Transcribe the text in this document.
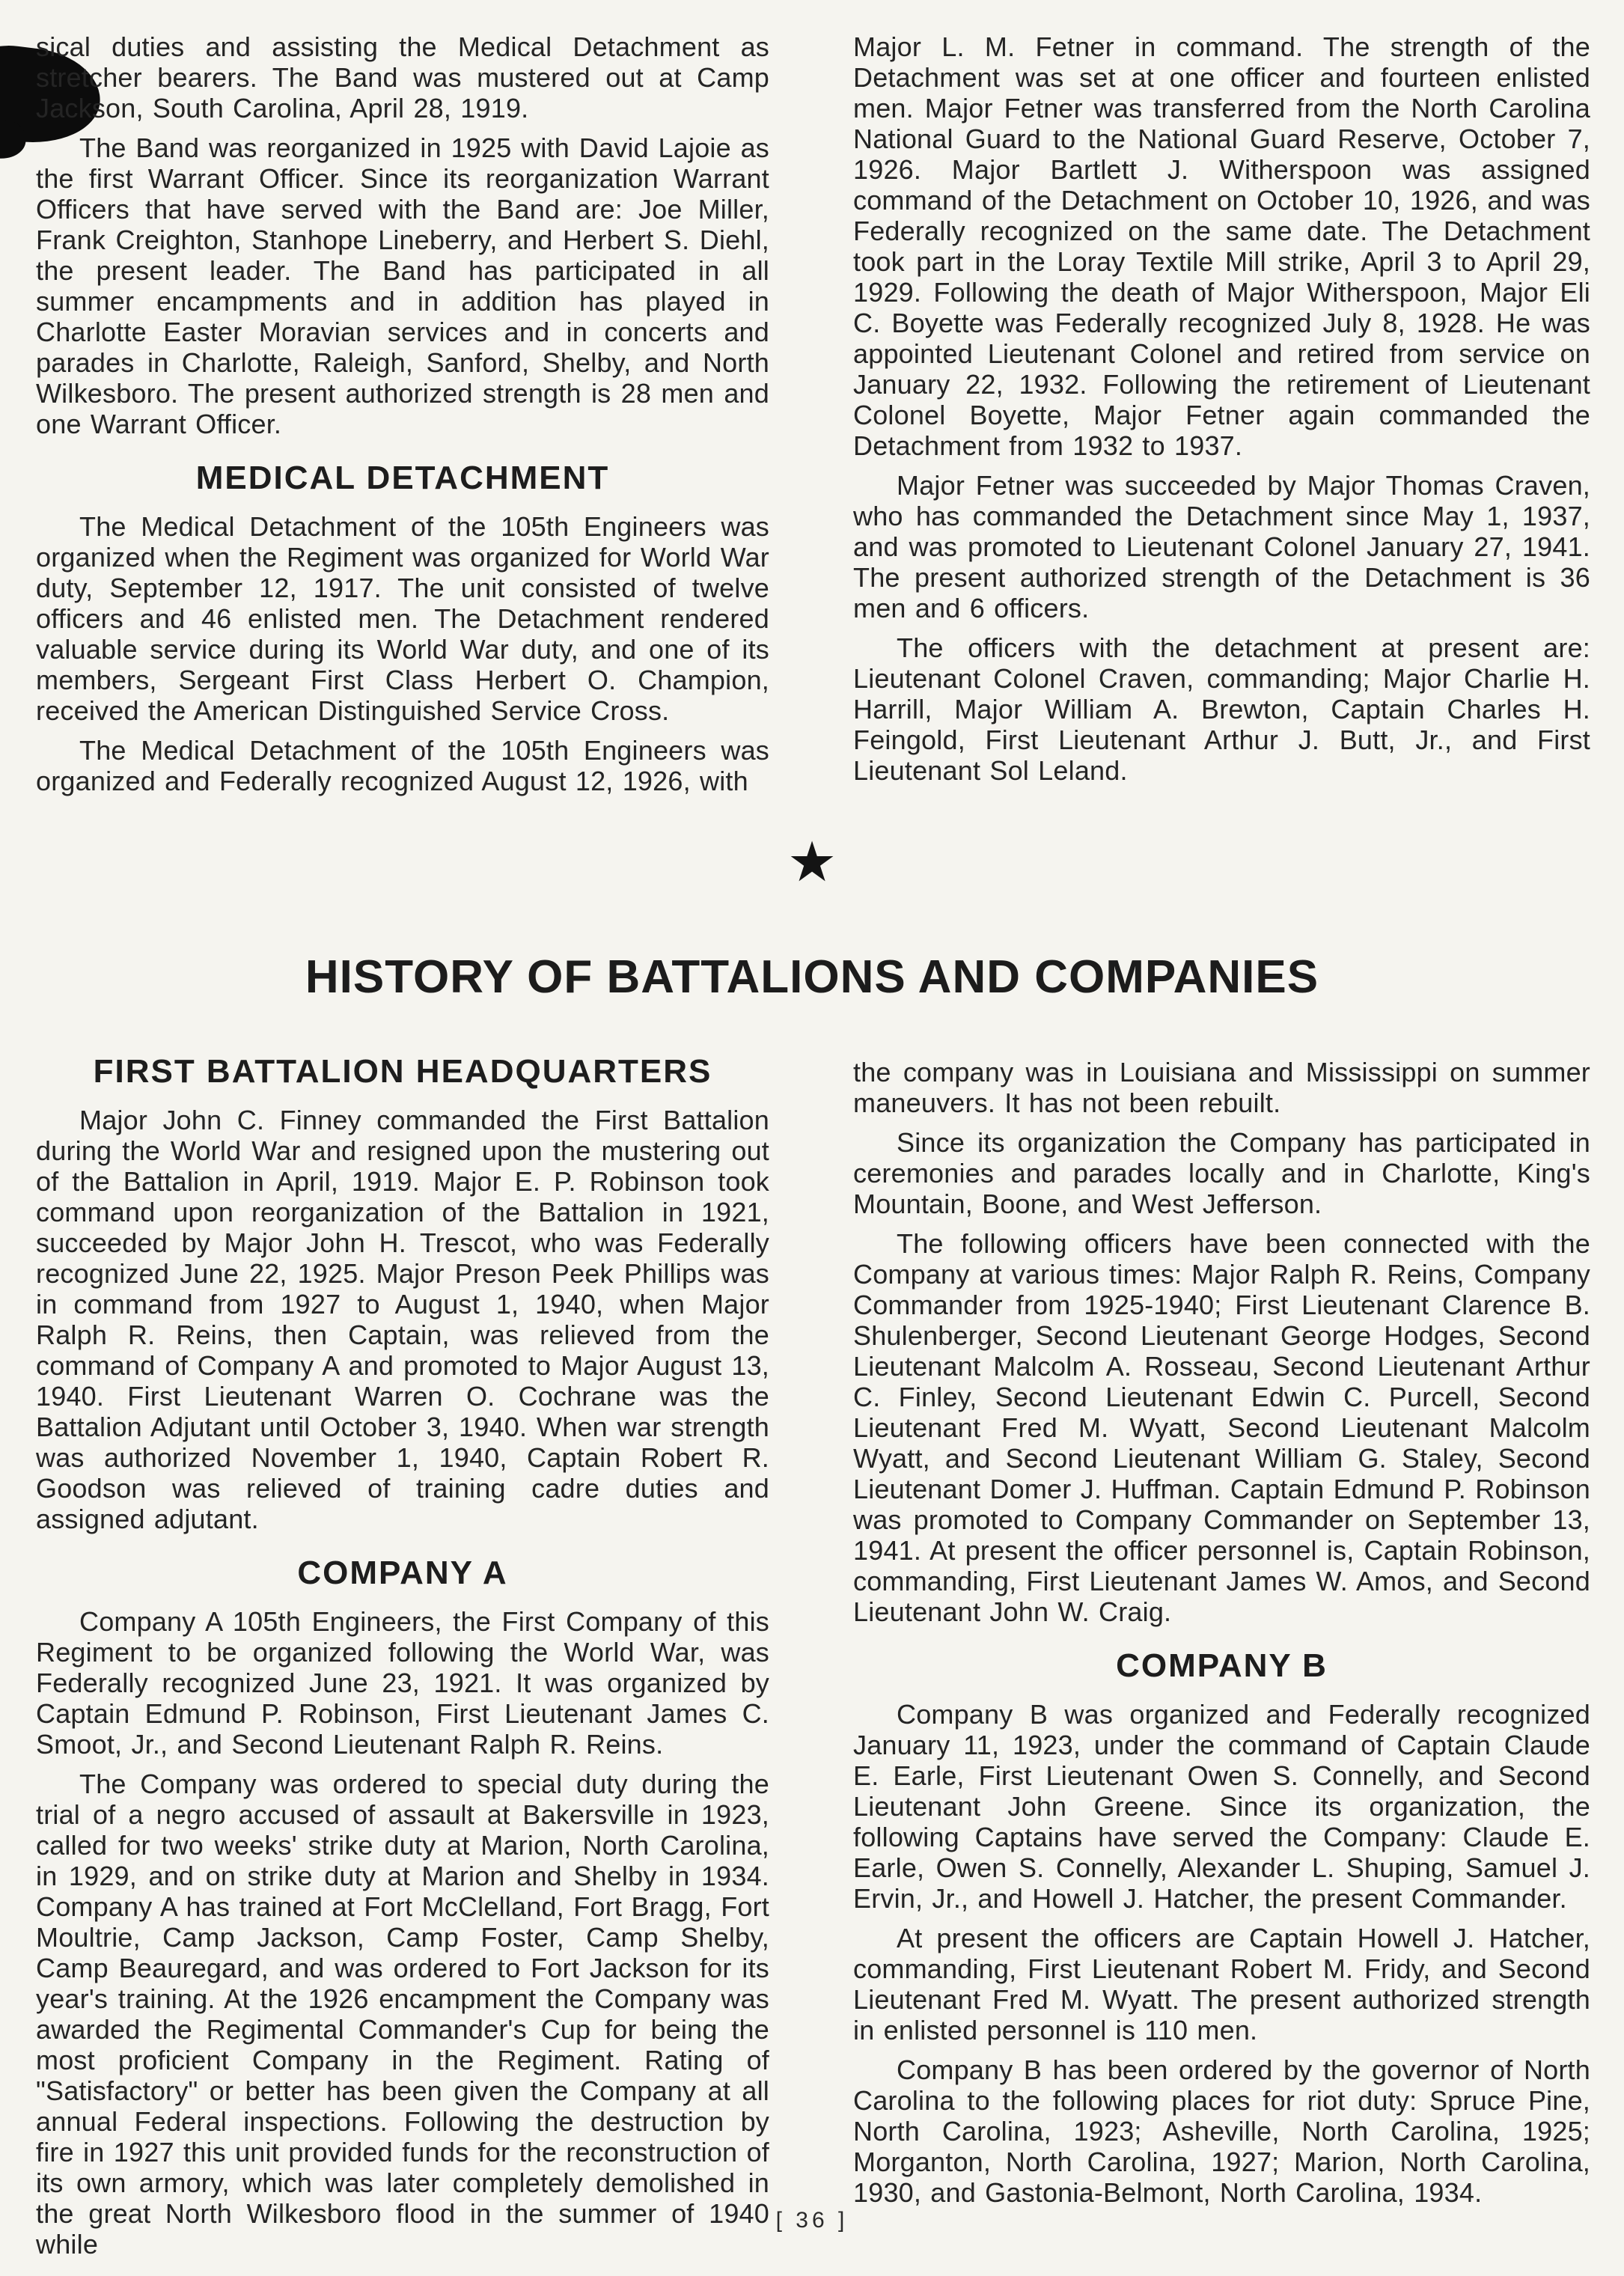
sical duties and assisting the Medical Detachment as stretcher bearers. The Band was mustered out at Camp Jackson, South Carolina, April 28, 1919.

The Band was reorganized in 1925 with David Lajoie as the first Warrant Officer. Since its reorganization Warrant Officers that have served with the Band are: Joe Miller, Frank Creighton, Stanhope Lineberry, and Herbert S. Diehl, the present leader. The Band has participated in all summer encampments and in addition has played in Charlotte Easter Moravian services and in concerts and parades in Charlotte, Raleigh, Sanford, Shelby, and North Wilkesboro. The present authorized strength is 28 men and one Warrant Officer.

MEDICAL DETACHMENT

The Medical Detachment of the 105th Engineers was organized when the Regiment was organized for World War duty, September 12, 1917. The unit consisted of twelve officers and 46 enlisted men. The Detachment rendered valuable service during its World War duty, and one of its members, Sergeant First Class Herbert O. Champion, received the American Distinguished Service Cross.

The Medical Detachment of the 105th Engineers was organized and Federally recognized August 12, 1926, with

Major L. M. Fetner in command. The strength of the Detachment was set at one officer and fourteen enlisted men. Major Fetner was transferred from the North Carolina National Guard to the National Guard Reserve, October 7, 1926. Major Bartlett J. Witherspoon was assigned command of the Detachment on October 10, 1926, and was Federally recognized on the same date. The Detachment took part in the Loray Textile Mill strike, April 3 to April 29, 1929. Following the death of Major Witherspoon, Major Eli C. Boyette was Federally recognized July 8, 1928. He was appointed Lieutenant Colonel and retired from service on January 22, 1932. Following the retirement of Lieutenant Colonel Boyette, Major Fetner again commanded the Detachment from 1932 to 1937.

Major Fetner was succeeded by Major Thomas Craven, who has commanded the Detachment since May 1, 1937, and was promoted to Lieutenant Colonel January 27, 1941. The present authorized strength of the Detachment is 36 men and 6 officers.

The officers with the detachment at present are: Lieutenant Colonel Craven, commanding; Major Charlie H. Harrill, Major William A. Brewton, Captain Charles H. Feingold, First Lieutenant Arthur J. Butt, Jr., and First Lieutenant Sol Leland.

★
HISTORY OF BATTALIONS AND COMPANIES
FIRST BATTALION HEADQUARTERS

Major John C. Finney commanded the First Battalion during the World War and resigned upon the mustering out of the Battalion in April, 1919. Major E. P. Robinson took command upon reorganization of the Battalion in 1921, succeeded by Major John H. Trescot, who was Federally recognized June 22, 1925. Major Preson Peek Phillips was in command from 1927 to August 1, 1940, when Major Ralph R. Reins, then Captain, was relieved from the command of Company A and promoted to Major August 13, 1940. First Lieutenant Warren O. Cochrane was the Battalion Adjutant until October 3, 1940. When war strength was authorized November 1, 1940, Captain Robert R. Goodson was relieved of training cadre duties and assigned adjutant.

COMPANY A

Company A 105th Engineers, the First Company of this Regiment to be organized following the World War, was Federally recognized June 23, 1921. It was organized by Captain Edmund P. Robinson, First Lieutenant James C. Smoot, Jr., and Second Lieutenant Ralph R. Reins.

The Company was ordered to special duty during the trial of a negro accused of assault at Bakersville in 1923, called for two weeks' strike duty at Marion, North Carolina, in 1929, and on strike duty at Marion and Shelby in 1934. Company A has trained at Fort McClelland, Fort Bragg, Fort Moultrie, Camp Jackson, Camp Foster, Camp Shelby, Camp Beauregard, and was ordered to Fort Jackson for its year's training. At the 1926 encampment the Company was awarded the Regimental Commander's Cup for being the most proficient Company in the Regiment. Rating of "Satisfactory" or better has been given the Company at all annual Federal inspections. Following the destruction by fire in 1927 this unit provided funds for the reconstruction of its own armory, which was later completely demolished in the great North Wilkesboro flood in the summer of 1940 while

the company was in Louisiana and Mississippi on summer maneuvers. It has not been rebuilt.

Since its organization the Company has participated in ceremonies and parades locally and in Charlotte, King's Mountain, Boone, and West Jefferson.

The following officers have been connected with the Company at various times: Major Ralph R. Reins, Company Commander from 1925-1940; First Lieutenant Clarence B. Shulenberger, Second Lieutenant George Hodges, Second Lieutenant Malcolm A. Rosseau, Second Lieutenant Arthur C. Finley, Second Lieutenant Edwin C. Purcell, Second Lieutenant Fred M. Wyatt, Second Lieutenant Malcolm Wyatt, and Second Lieutenant William G. Staley, Second Lieutenant Domer J. Huffman. Captain Edmund P. Robinson was promoted to Company Commander on September 13, 1941. At present the officer personnel is, Captain Robinson, commanding, First Lieutenant James W. Amos, and Second Lieutenant John W. Craig.

COMPANY B

Company B was organized and Federally recognized January 11, 1923, under the command of Captain Claude E. Earle, First Lieutenant Owen S. Connelly, and Second Lieutenant John Greene. Since its organization, the following Captains have served the Company: Claude E. Earle, Owen S. Connelly, Alexander L. Shuping, Samuel J. Ervin, Jr., and Howell J. Hatcher, the present Commander.

At present the officers are Captain Howell J. Hatcher, commanding, First Lieutenant Robert M. Fridy, and Second Lieutenant Fred M. Wyatt. The present authorized strength in enlisted personnel is 110 men.

Company B has been ordered by the governor of North Carolina to the following places for riot duty: Spruce Pine, North Carolina, 1923; Asheville, North Carolina, 1925; Morganton, North Carolina, 1927; Marion, North Carolina, 1930, and Gastonia-Belmont, North Carolina, 1934.

[ 36 ]
